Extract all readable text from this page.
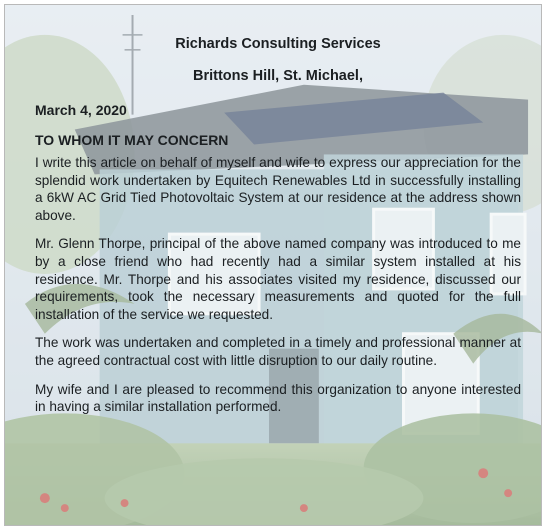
Richards Consulting Services

Brittons Hill, St. Michael,

March 4, 2020

TO WHOM IT MAY CONCERN

I write this article on behalf of myself and wife to express our appreciation for the splendid work undertaken by Equitech Renewables Ltd in successfully installing a 6kW AC Grid Tied Photovoltaic System at our residence at the address shown above.

Mr. Glenn Thorpe, principal of the above named company was introduced to me by a close friend who had recently had a similar system installed at his residence. Mr. Thorpe and his associates visited my residence, discussed our requirements, took the necessary measurements and quoted for the full installation of the service we requested.

The work was undertaken and completed in a timely and professional manner at the agreed contractual cost with little disruption to our daily routine.

My wife and I are pleased to recommend this organization to anyone interested in having a similar installation performed.
